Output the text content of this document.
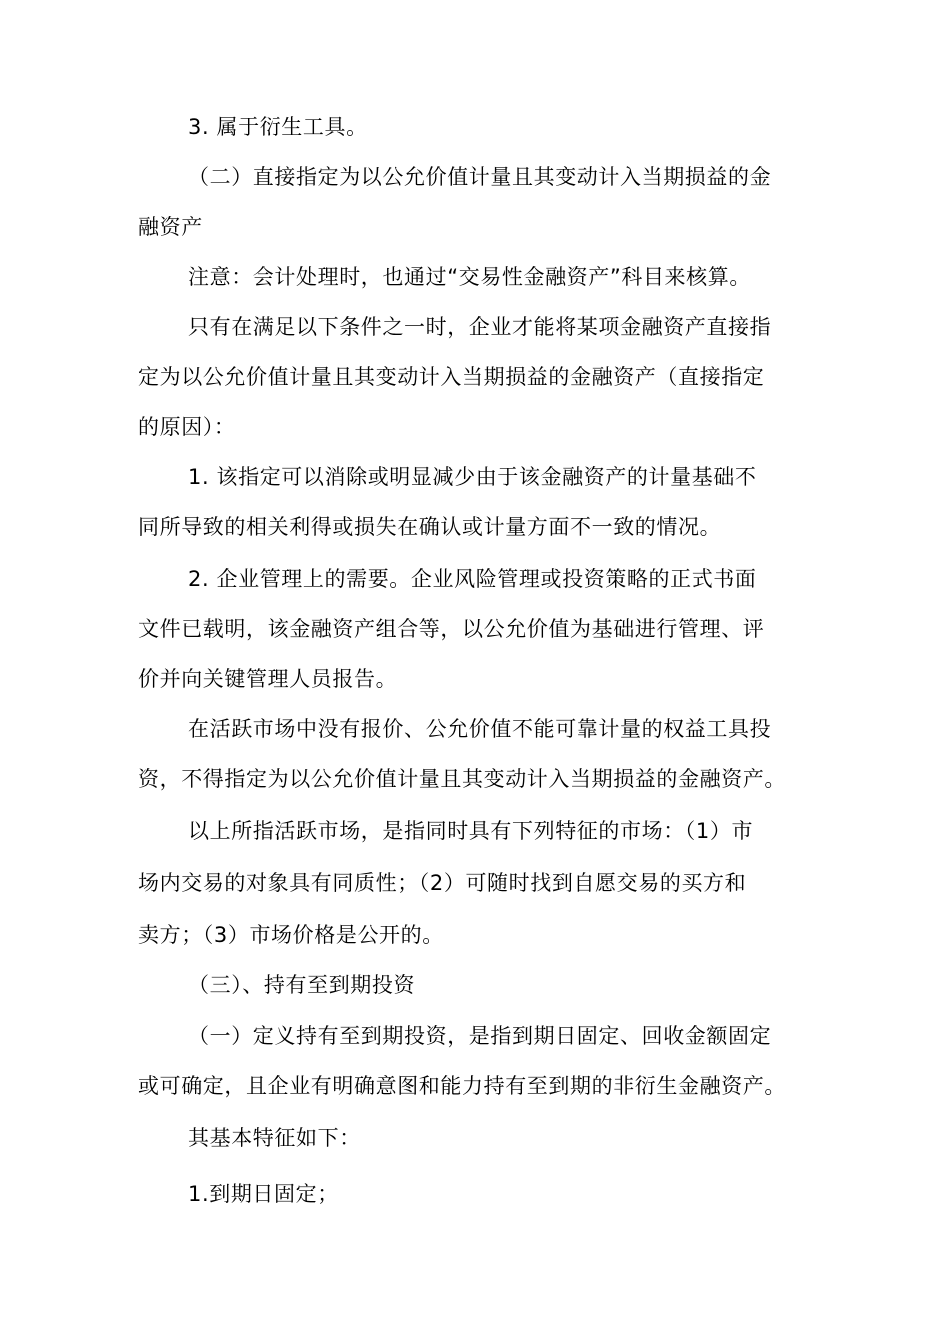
3. 属于衍生工具。
（二）直接指定为以公允价值计量且其变动计入当期损益的金
融资产
注意：会计处理时，也通过“交易性金融资产”科目来核算。
只有在满足以下条件之一时，企业才能将某项金融资产直接指
定为以公允价值计量且其变动计入当期损益的金融资产（直接指定
的原因）：
1. 该指定可以消除或明显减少由于该金融资产的计量基础不
同所导致的相关利得或损失在确认或计量方面不一致的情况。
2. 企业管理上的需要。企业风险管理或投资策略的正式书面
文件已载明，该金融资产组合等，以公允价值为基础进行管理、评
价并向关键管理人员报告。
在活跃市场中没有报价、公允价值不能可靠计量的权益工具投
资，不得指定为以公允价值计量且其变动计入当期损益的金融资产。
以上所指活跃市场，是指同时具有下列特征的市场：（1）市
场内交易的对象具有同质性；（2）可随时找到自愿交易的买方和
卖方；（3）市场价格是公开的。
（三）、持有至到期投资
（一）定义持有至到期投资，是指到期日固定、回收金额固定
或可确定，且企业有明确意图和能力持有至到期的非衍生金融资产。
其基本特征如下：
1.到期日固定；
